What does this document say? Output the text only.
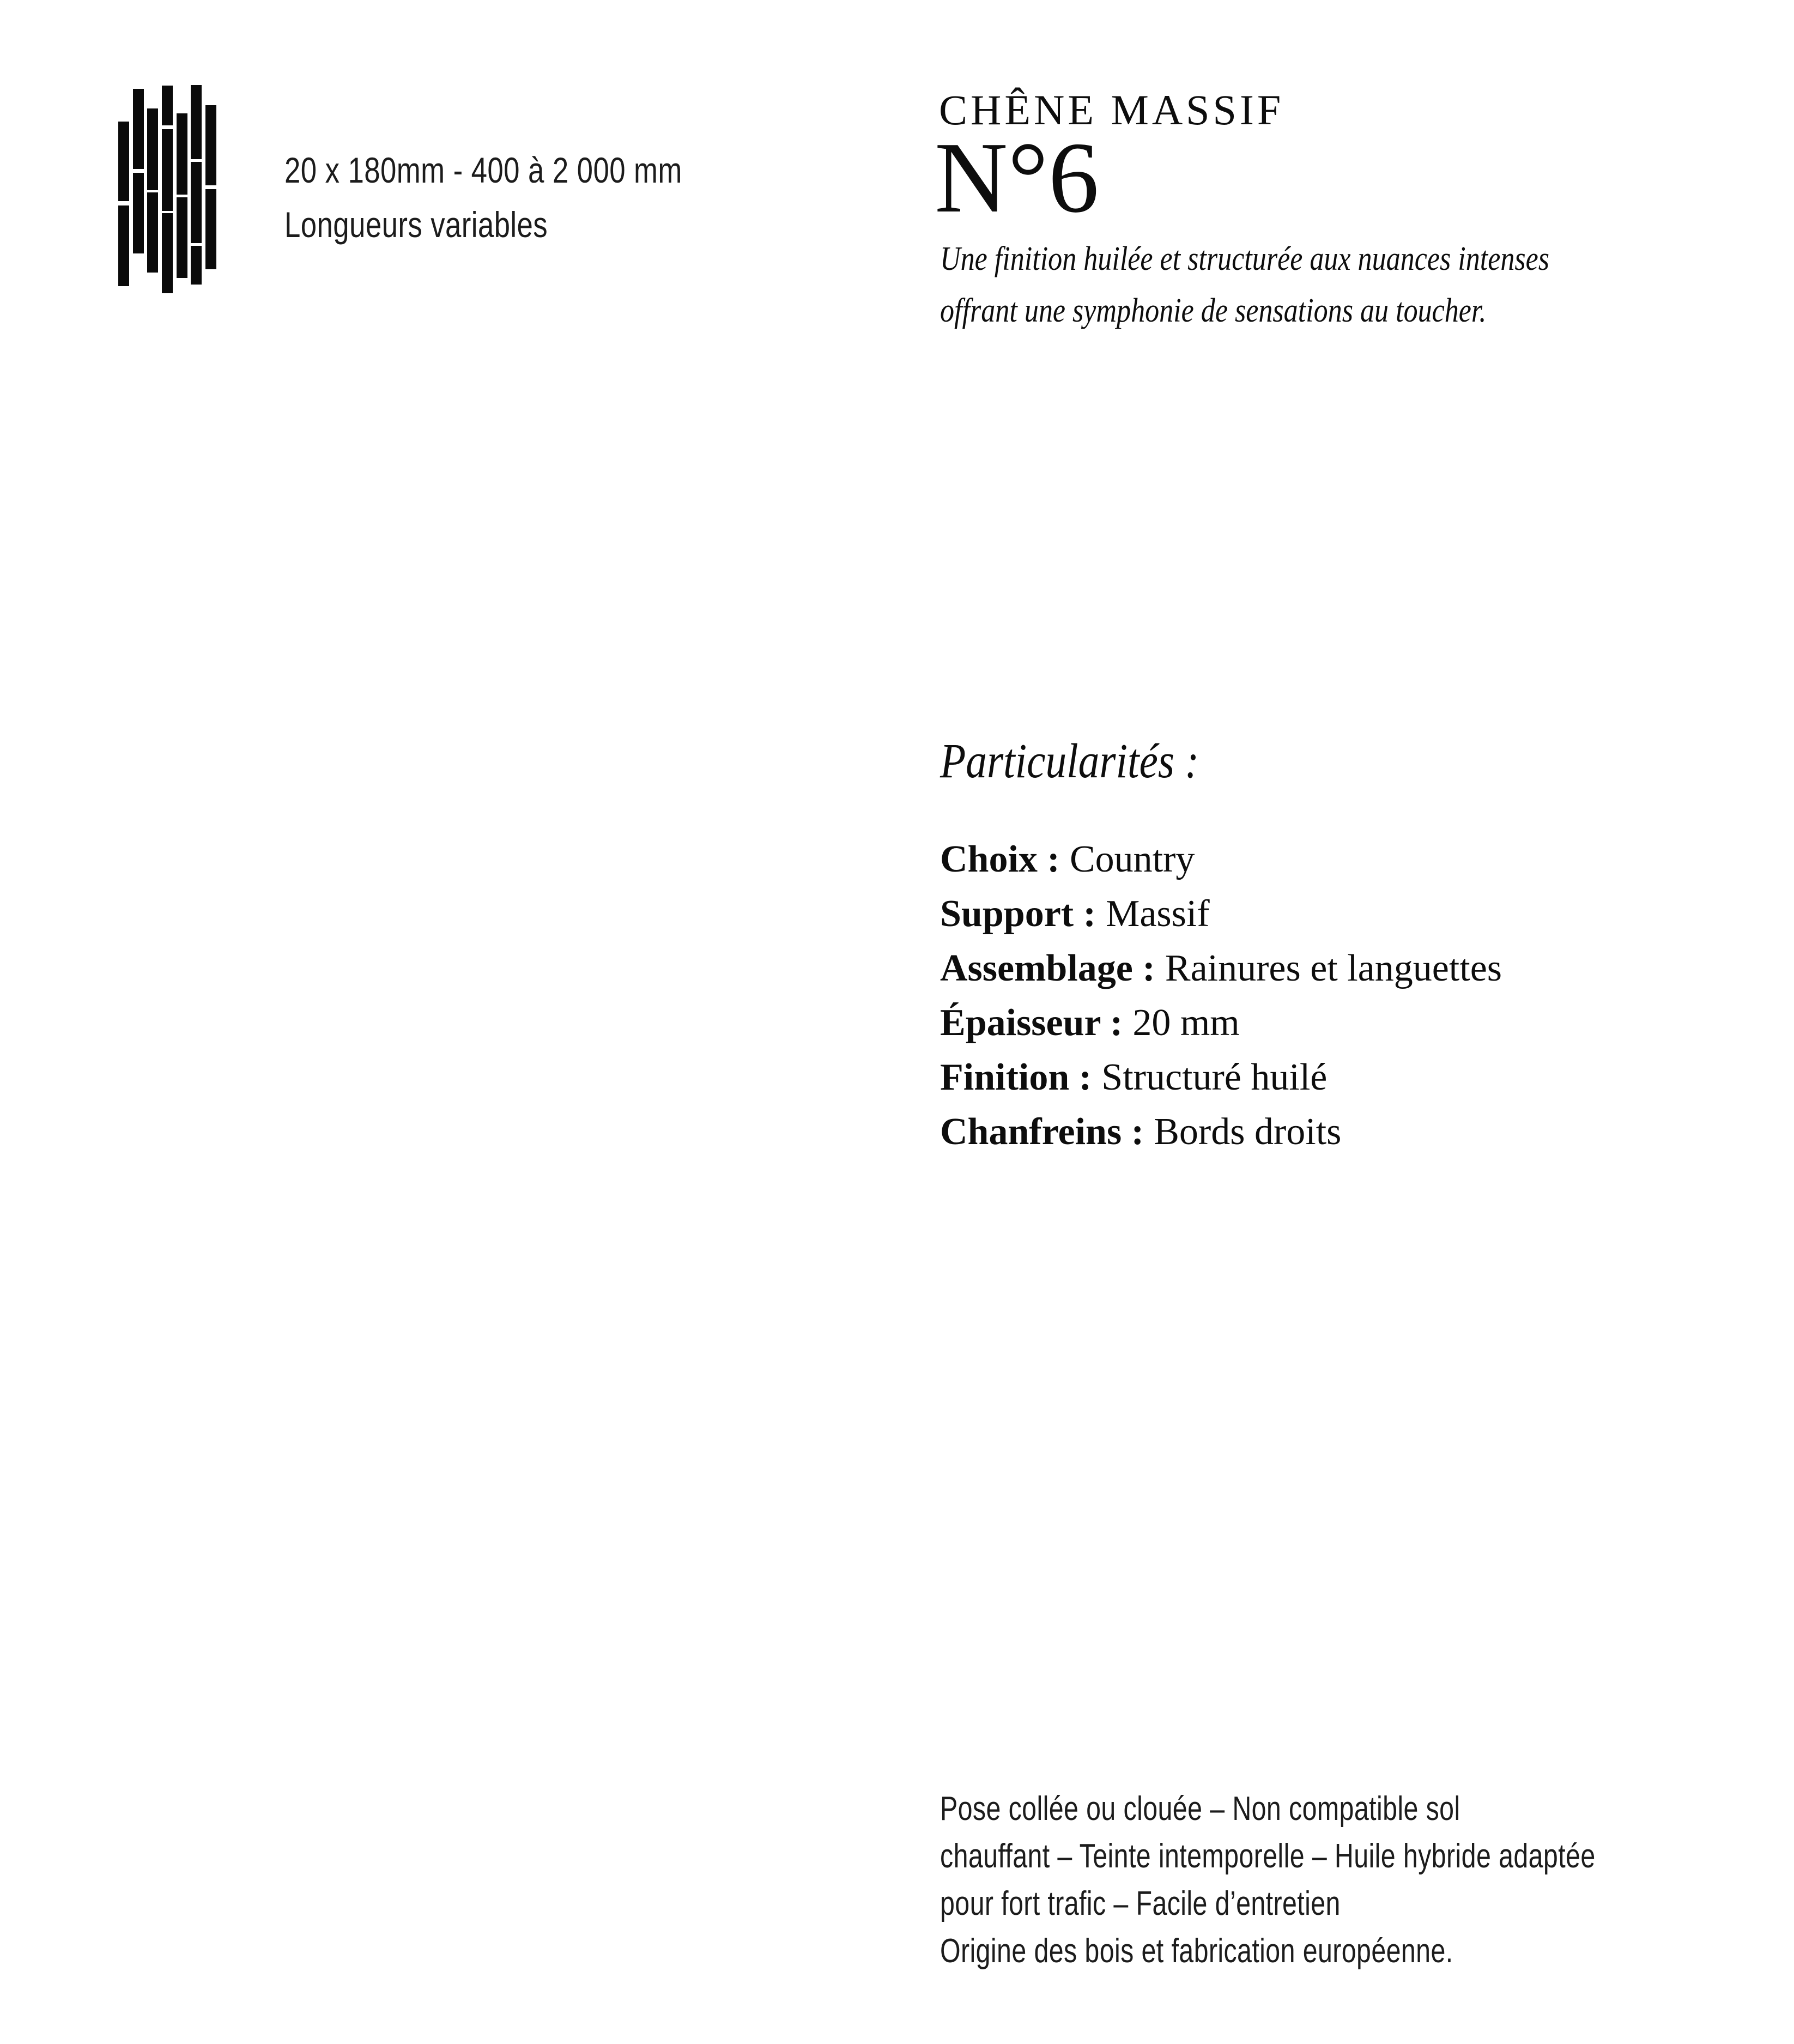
20 x 180mm - 400 à 2 000 mm
Longueurs variables
CHÊNE MASSIF
N°6
Une finition huilée et structurée aux nuances intenses
offrant une symphonie de sensations au toucher.
Particularités :
Choix : Country
Support : Massif
Assemblage : Rainures et languettes
Épaisseur : 20 mm
Finition : Structuré huilé
Chanfreins : Bords droits
Pose collée ou clouée – Non compatible sol
chauffant – Teinte intemporelle – Huile hybride adaptée
pour fort trafic – Facile d’entretien
Origine des bois et fabrication européenne.
